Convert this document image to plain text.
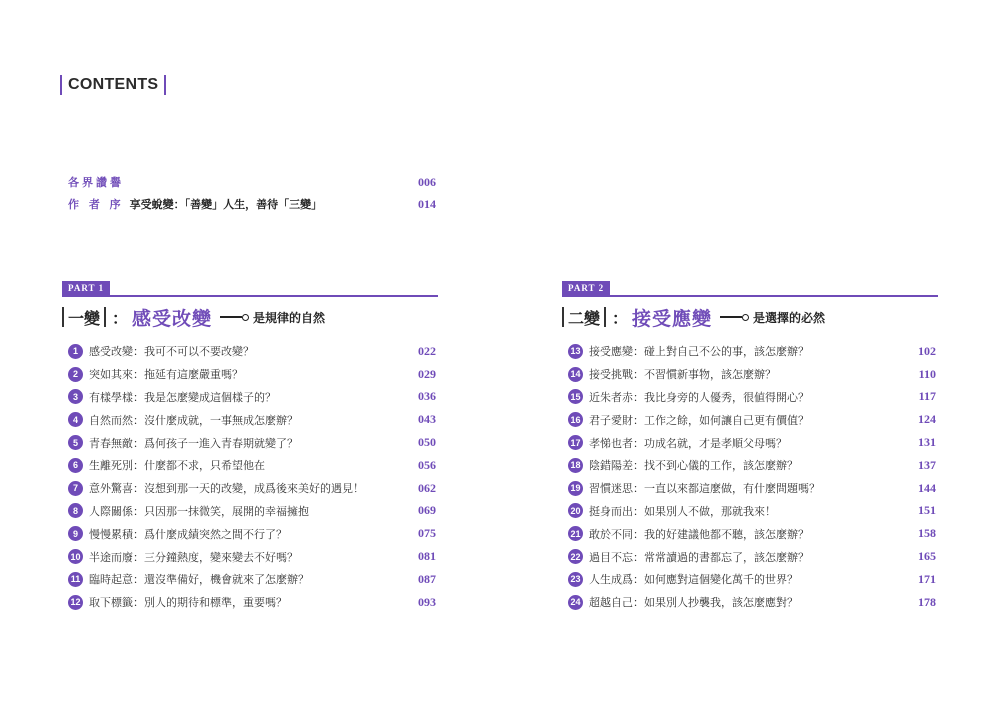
CONTENTS
各界讚譽	006
作 者 序 享受蛻變：「善變」人生，善待「三變」	014
PART 1
一變 ： 感受改變	是規律的自然
1	感受改變：我可不可以不要改變？	022
2	突如其來：拖延有這麼嚴重嗎？	029
3	有樣學樣：我是怎麼變成這個樣子的？	036
4	自然而然：沒什麼成就，一事無成怎麼辦？	043
5	青春無敵：爲何孩子一進入青春期就變了？	050
6	生離死別：什麼都不求，只希望他在	056
7	意外驚喜：沒想到那一天的改變，成爲後來美好的遇見！	062
8	人際關係：只因那一抹微笑，展開的幸福擁抱	069
9	慢慢累積：爲什麼成績突然之間不行了？	075
10 半途而廢：三分鐘熱度，變來變去不好嗎？	081
11 臨時起意：還沒準備好，機會就來了怎麼辦？	087
12 取下標籤：別人的期待和標準，重要嗎？	093
PART 2
二變 ： 接受應變	是選擇的必然
13 接受應變：碰上對自己不公的事，該怎麼辦？	102
14 接受挑戰：不習慣新事物，該怎麼辦？	110
15 近朱者赤：我比身旁的人優秀，很値得開心？	117
16 君子愛財：工作之餘，如何讓自己更有價值？	124
17 孝悌也者：功成名就，才是孝順父母嗎？	131
18 陰錯陽差：找不到心儀的工作，該怎麼辦？	137
19 習慣迷思：一直以來都這麼做，有什麼問題嗎？	144
20 挺身而出：如果別人不做，那就我來！	151
21 敢於不同：我的好建議他都不聽，該怎麼辦？	158
22 過目不忘：常常讀過的書都忘了，該怎麼辦？	165
23 人生成爲：如何應對這個變化萬千的世界？	171
24 超越自己：如果別人抄襲我，該怎麼應對？	178
